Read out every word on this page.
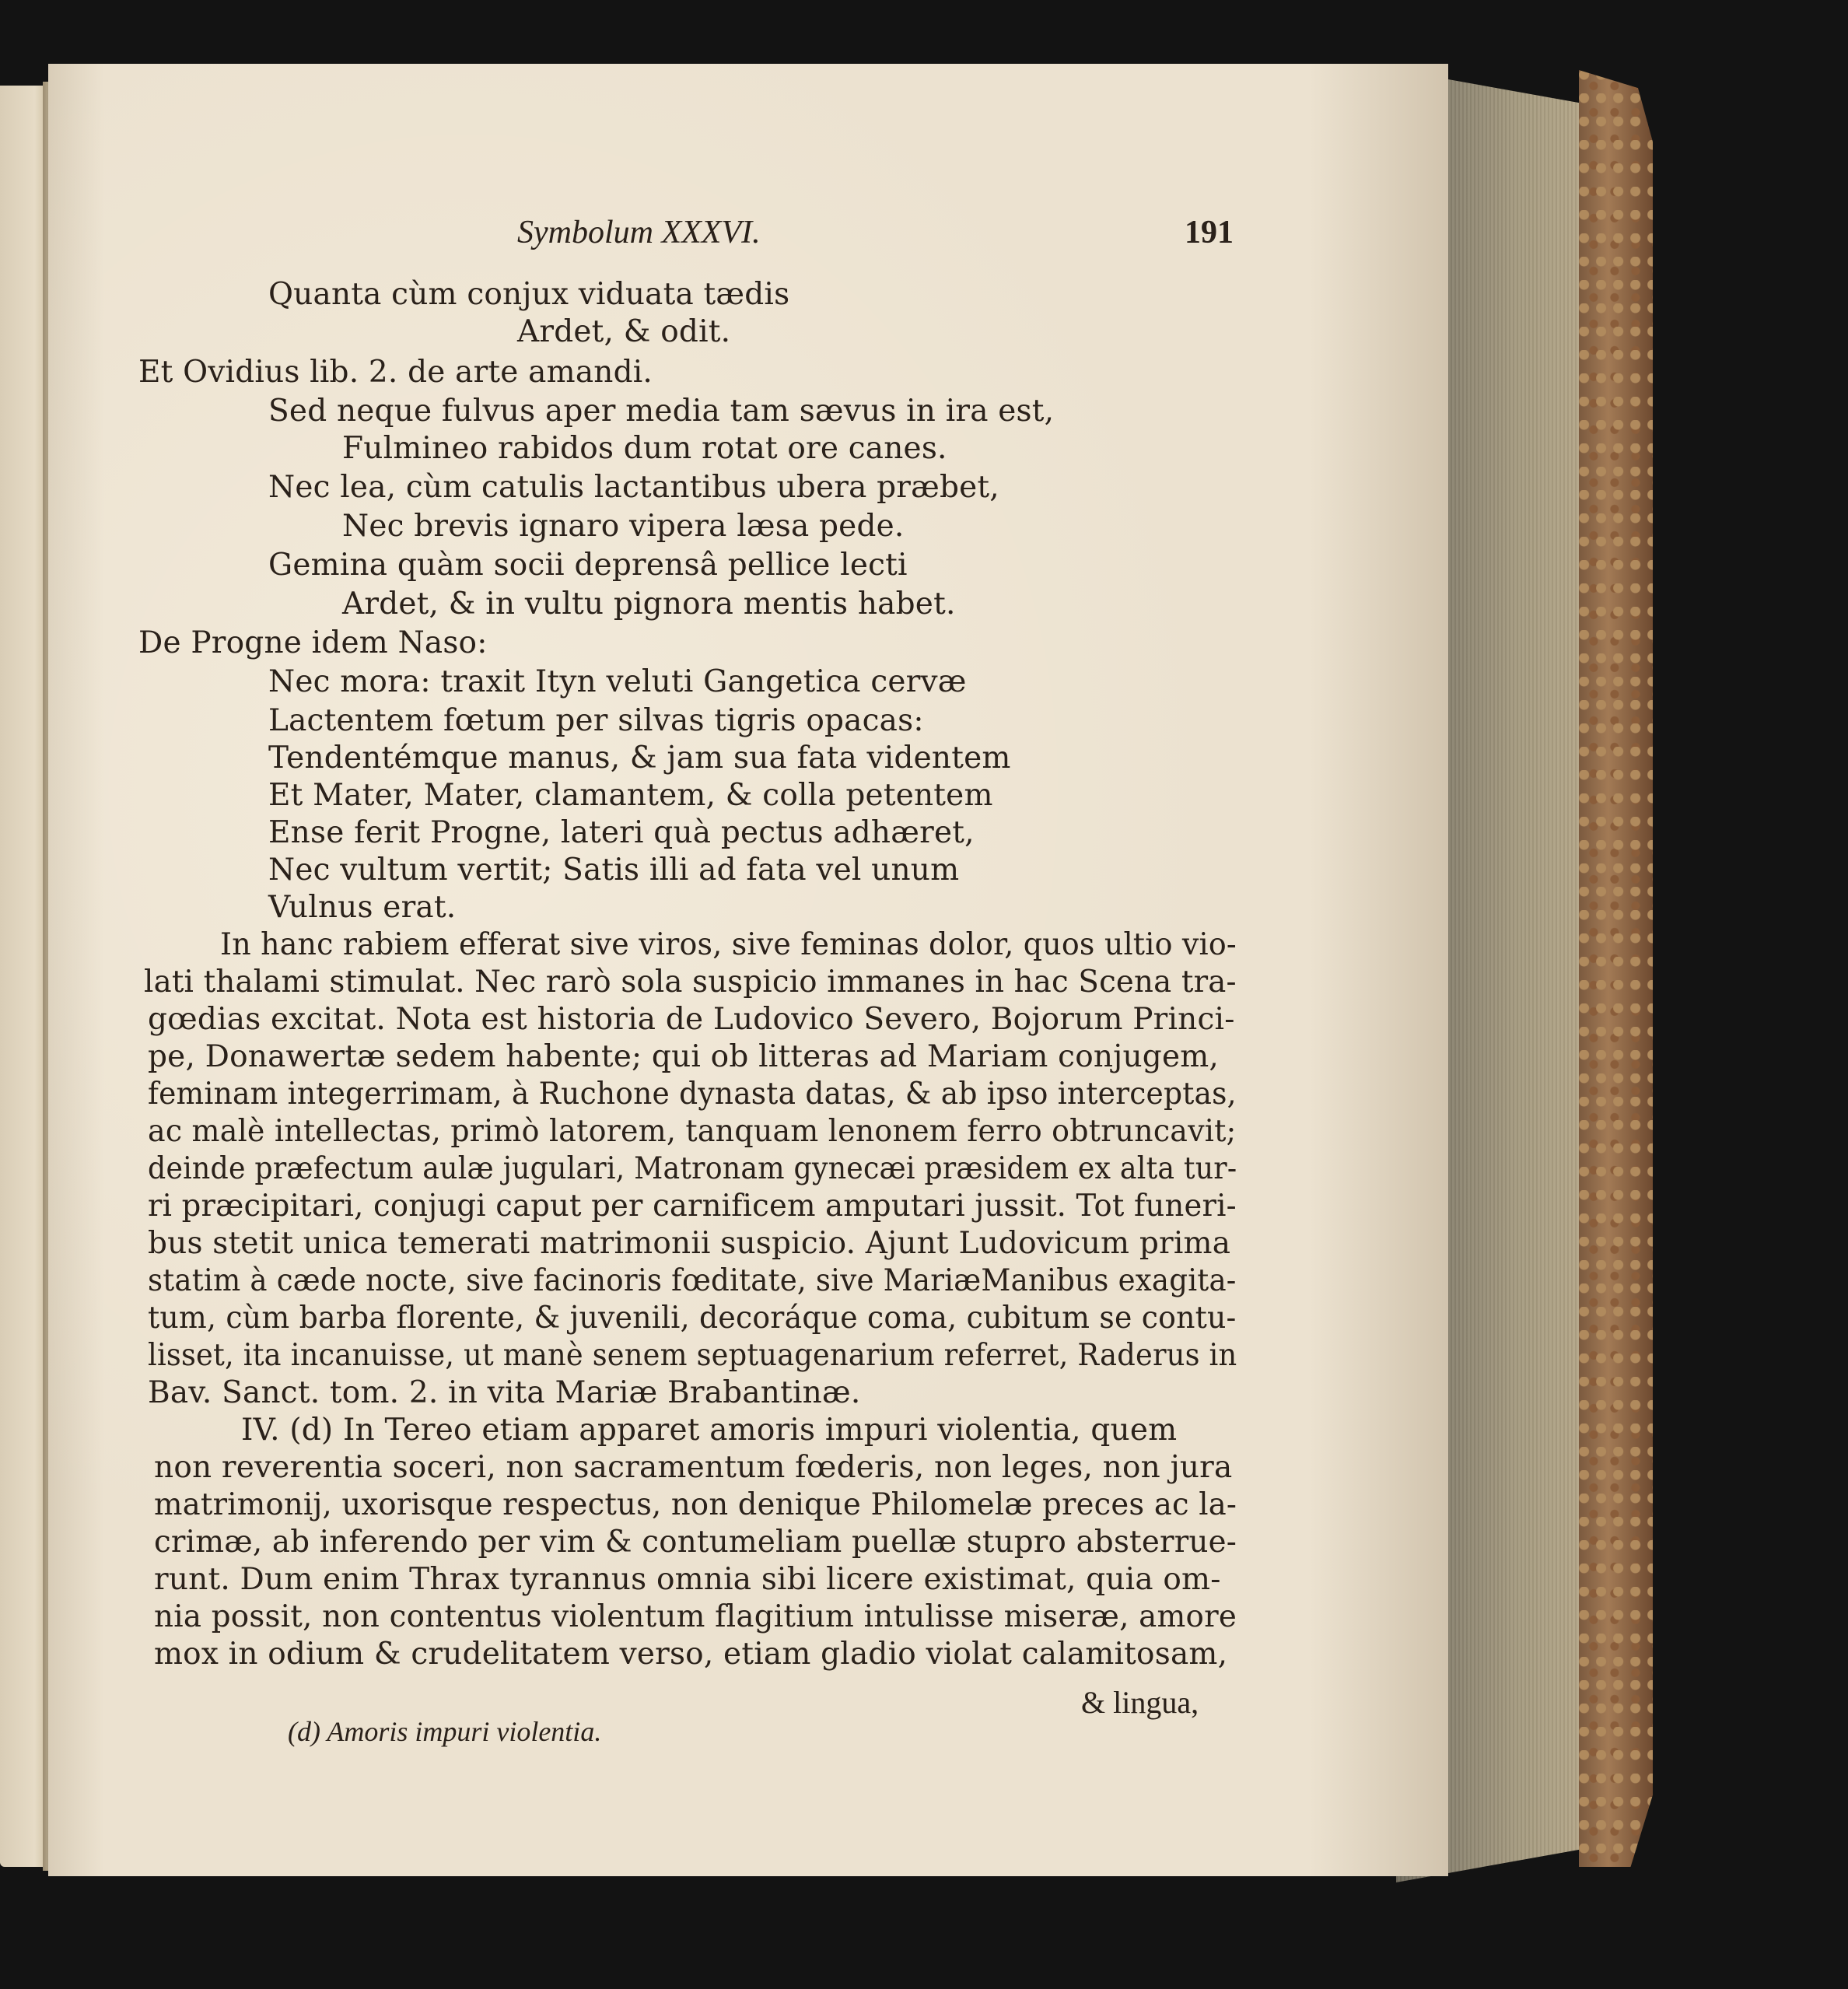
Symbolum XXXVI.	191
Quanta cùm conjux viduata tædis
Ardet, & odit.
Et Ovidius lib. 2. de arte amandi.
Sed neque fulvus aper media tam sævus in ira est,
Fulmineo rabidos dum rotat ore canes.
Nec lea, cùm catulis lactantibus ubera præbet,
Nec brevis ignaro vipera læsa pede.
Gemina quàm socii deprensâ pellice lecti
Ardet, & in vultu pignora mentis habet.
De Progne idem Naso:
Nec mora: traxit Ityn veluti Gangetica cervæ
Lactentem fœtum per silvas tigris opacas:
Tendentémque manus, & jam sua fata videntem
Et Mater, Mater, clamantem, & colla petentem
Ense ferit Progne, lateri quà pectus adhæret,
Nec vultum vertit; Satis illi ad fata vel unum
Vulnus erat.
In hanc rabiem efferat sive viros, sive feminas dolor, quos ultio vio-
lati thalami stimulat. Nec rarò sola suspicio immanes in hac Scena tra-
gœdias excitat. Nota est historia de Ludovico Severo, Bojorum Princi-
pe, Donawertæ sedem habente; qui ob litteras ad Mariam conjugem,
feminam integerrimam, à Ruchone dynasta datas, & ab ipso interceptas,
ac malè intellectas, primò latorem, tanquam lenonem ferro obtruncavit;
deinde præfectum aulæ jugulari, Matronam gynecæi præsidem ex alta tur-
ri præcipitari, conjugi caput per carnificem amputari jussit. Tot funeri-
bus stetit unica temerati matrimonii suspicio. Ajunt Ludovicum prima
statim à cæde nocte, sive facinoris fœditate, sive MariæManibus exagita-
tum, cùm barba florente, & juvenili, decoráque coma, cubitum se contu-
lisset, ita incanuisse, ut manè senem septuagenarium referret, Raderus in
Bav. Sanct. tom. 2. in vita Mariæ Brabantinæ.
IV. (d) In Tereo etiam apparet amoris impuri violentia, quem
non reverentia soceri, non sacramentum fœderis, non leges, non jura
matrimonij, uxorisque respectus, non denique Philomelæ preces ac la-
crimæ, ab inferendo per vim & contumeliam puellæ stupro absterrue-
runt. Dum enim Thrax tyrannus omnia sibi licere existimat, quia om-
nia possit, non contentus violentum flagitium intulisse miseræ, amore
mox in odium & crudelitatem verso, etiam gladio violat calamitosam,
& lingua,
(d) Amoris impuri violentia.
